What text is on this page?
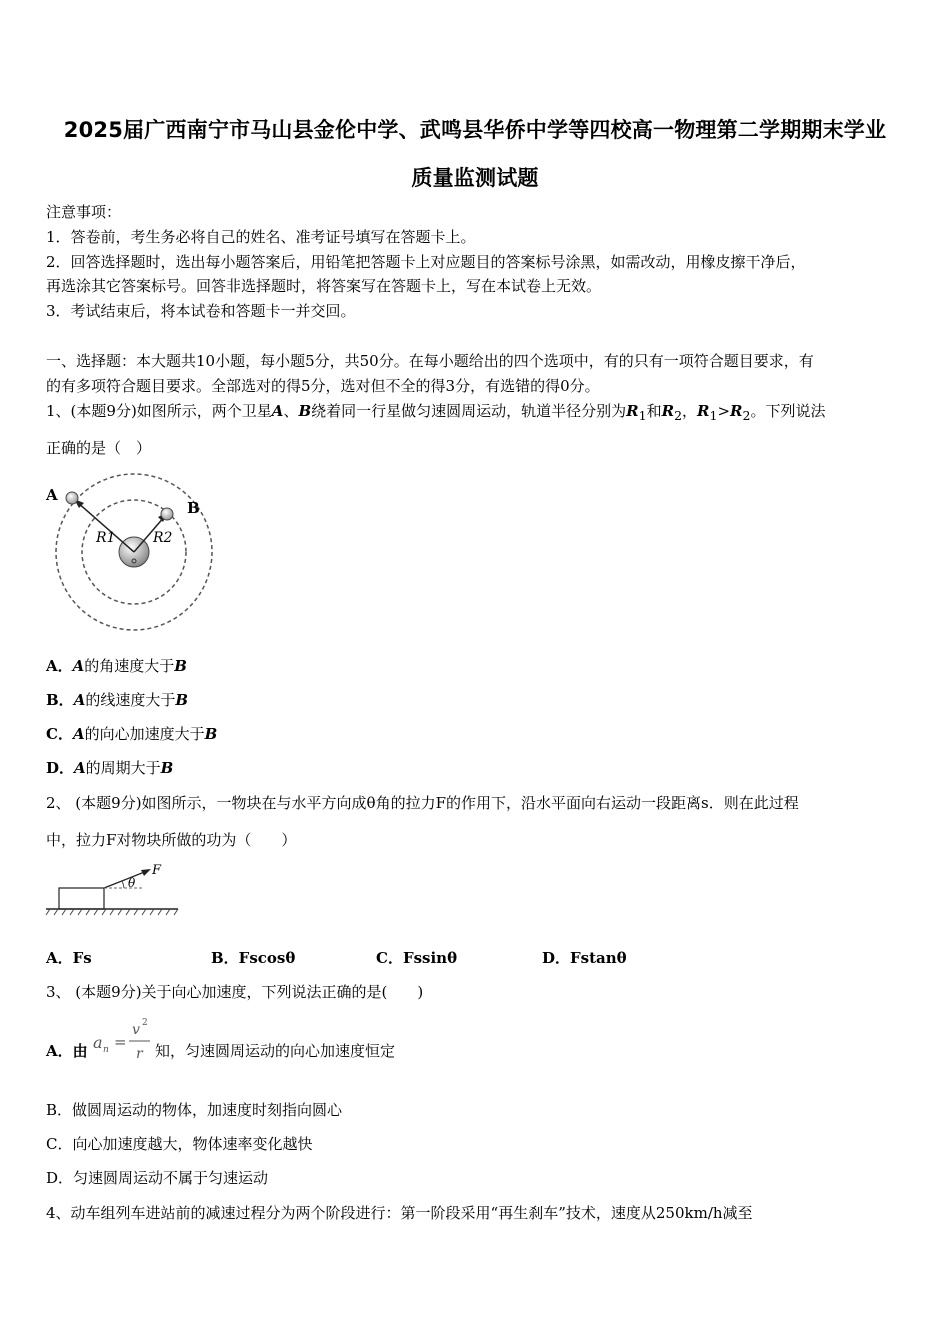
2025届广西南宁市马山县金伦中学、武鸣县华侨中学等四校高一物理第二学期期末学业
质量监测试题
注意事项：
1．答卷前，考生务必将自己的姓名、准考证号填写在答题卡上。
2．回答选择题时，选出每小题答案后，用铅笔把答题卡上对应题目的答案标号涂黑，如需改动，用橡皮擦干净后，
再选涂其它答案标号。回答非选择题时，将答案写在答题卡上，写在本试卷上无效。
3．考试结束后，将本试卷和答题卡一并交回。
一、选择题：本大题共10小题，每小题5分，共50分。在每小题给出的四个选项中，有的只有一项符合题目要求，有
的有多项符合题目要求。全部选对的得5分，选对但不全的得3分，有选错的得0分。
1、(本题9分)如图所示，两个卫星A、B绕着同一行星做匀速圆周运动，轨道半径分别为$R_1$和$R_2$，$R_1>R_2$。下列说法
正确的是（　）
A
B
R1	R2
A．A的角速度大于B
B．A的线速度大于B
C．A的向心加速度大于B
D．A的周期大于B
2、 (本题9分)如图所示，一物块在与水平方向成θ角的拉力F的作用下，沿水平面向右运动一段距离s．则在此过程
中，拉力F对物块所做的功为（　　）
F
θ
A．Fs	B．Fscosθ	C．Fssinθ	D．Fstanθ
3、 (本题9分)关于向心加速度，下列说法正确的是(　　)
A．由 a n =
v 2
r 知，匀速圆周运动的向心加速度恒定
B．做圆周运动的物体，加速度时刻指向圆心
C．向心加速度越大，物体速率变化越快
D．匀速圆周运动不属于匀速运动
4、动车组列车进站前的减速过程分为两个阶段进行：第一阶段采用“再生刹车”技术，速度从250km/h减至
